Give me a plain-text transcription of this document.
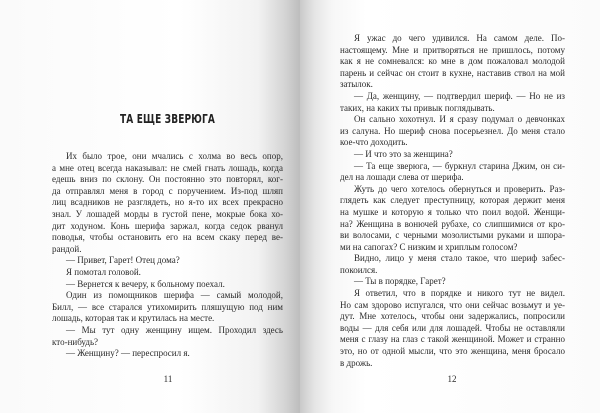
ТА ЕЩЕ ЗВЕРЮГА
Их было трое, они мчались с холма во весь опор,
а мне отец всегда наказывал: не смей гнать лошадь, когда
едешь вниз по склону. Он постоянно это повторял, ког-
да отправлял меня в город с поручением. Из-под шляп
лиц всадников не разглядеть, но я-то их всех прекрасно
знал. У лошадей морды в густой пене, мокрые бока хо-
дит ходуном. Конь шерифа заржал, когда седок рванул
поводья, чтобы остановить его на всем скаку перед ве-
рандой.
— Привет, Гарет! Отец дома?
Я помотал головой.
— Вернется к вечеру, к больному поехал.
Один из помощников шерифа — самый молодой,
Билл, — все старался утихомирить пляшущую под ним
лошадь, которая так и крутилась на месте.
— Мы тут одну женщину ищем. Проходил здесь
кто-нибудь?
— Женщину? — переспросил я.
11
Я ужас до чего удивился. На самом деле. По-
настоящему. Мне и притворяться не пришлось, потому
как я не сомневался: ко мне в дом пожаловал молодой
парень и сейчас он стоит в кухне, наставив ствол на мой
затылок.
— Да, женщину, — подтвердил шериф. — Но не из
таких, на каких ты привык поглядывать.
Он сально хохотнул. И я сразу подумал о девчонках
из салуна. Но шериф снова посерьезнел. До меня стало
кое-что доходить.
— И что это за женщина?
— Та еще зверюга, — буркнул старина Джим, он си-
дел на лошади слева от шерифа.
Жуть до чего хотелось обернуться и проверить. Раз-
глядеть как следует преступницу, которая держит меня
на мушке и которую я только что поил водой. Женщи-
на? Женщина в вонючей рубахе, со слипшимися от кро-
ви волосами, с черными мозолистыми руками и шпора-
ми на сапогах? С низким и хриплым голосом?
Видно, лицо у меня стало такое, что шериф забес-
покоился.
— Ты в порядке, Гарет?
Я ответил, что в порядке и никого тут не видел.
Но сам здорово испугался, что они сейчас возьмут и уе-
дут. Мне хотелось, чтобы они задержались, попросили
воды — для себя или для лошадей. Чтобы не оставляли
меня с глазу на глаз с такой женщиной. Может и странно
это, но от одной мысли, что это женщина, меня бросало
в дрожь.
12
